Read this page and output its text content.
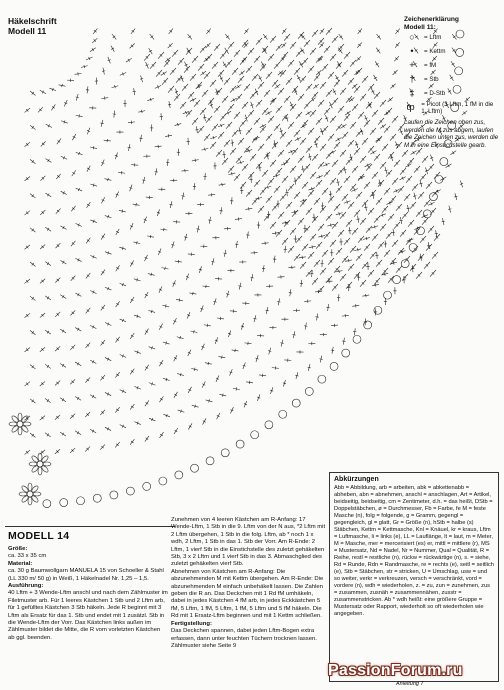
Häkelschrift
Modell 11
Zeichenerklärung
Modell 11:
○	= Lftm
•	= Kettm
+	= fM
†	= Stb
‡	= D-Stb
ȹ	= Picot (3 Lftm, 1 fM in die 1. Lftm)
Laufen die Zeichen oben zus, werden die M zus abgem, laufen die Zeichen unten zus, werden die M in eine Einstichstelle gearb.
MODELL 14
Größe:
ca. 33 x 35 cm
Material:
ca. 30 g Baumwollgarn MANUELA 15 von Schoeller & Stahl (LL 330 m/ 50 g) in Weiß, 1 Häkelnadel Nr. 1,25 – 1,5.
Ausführung:
40 Lftm + 3 Wende-Lftm anschl und nach dem Zählmuster im Filetmuster arb. Für 1 leeres Kästchen 1 Stb und 2 Lftm arb, für 1 gefülltes Kästchen 3 Stb häkeln. Jede R beginnt mit 3 Lftm als Ersatz für das 1. Stb und endet mit 1 zusätzl. Stb in die Wende-Lftm der Vorr. Das Kästchen links außen im Zählmuster bildet die Mitte, die R vom vorletzten Kästchen ab ggl. beenden.
Zunehmen von 4 leeren Kästchen am R-Anfang: 17 Wende-Lftm, 1 Stb in die 9. Lftm von der N aus, *2 Lftm mit 2 Lftm übergehen, 1 Stb in die folg. Lftm, ab * noch 1 x wdh, 2 Lftm, 1 Stb in das 1. Stb der Vorr. Am R-Ende: 2 Lftm, 1 vierf Stb in die Einstichstelle des zuletzt gehäkelten Stb, 3 x 2 Lftm und 1 vierf Stb in das 3. Abmaschglied des zuletzt gehäkelten vierf Stb.
Abnehmen von Kästchen am R-Anfang: Die abzunehmenden M mit Kettm übergehen. Am R-Ende: Die abzunehmenden M einfach unbehäkelt lassen. Die Zahlen geben die R an. Das Deckchen mit 1 Rd fM umhäkeln, dabei in jedes Kästchen 4 fM arb, in jedes Eckkästchen 5 fM, 5 Lftm, 1 fM, 5 Lftm, 1 fM, 5 Lftm und 5 fM häkeln. Die Rd mit 1 Ersatz-Lftm beginnen und mit 1 Kettm schließen.
Fertigstellung:
Das Deckchen spannen, dabei jeden Lftm-Bogen extra erfassen, dann unter feuchten Tüchern trocknen lassen.
Zählmuster siehe Seite 9
Abkürzungen
Abb = Abbildung, arb = arbeiten, abk = abkettenabb = abheben, abn = abnehmen, anschl = anschlagen, Art = Artikel, beidseitig, beidseitig, cm = Zentimeter, d.h. = das heißt, DStb = Doppelstäbchen, ø = Durchmesser, Fb = Farbe, fe M = feste Masche (n), folg = folgende, g = Gramm, gegengl = gegengleich, gl = glatt, Gr = Größe (n), hStb = halbe (s) Stäbchen, Kettm = Kettmasche, Knl = Knäuel, kr = kraus, Lftm = Luftmasche, li = links (e), LL = Lauflänge, lt = laut, m = Meter, M = Masche, mer = mercerisiert (es) er, mittl = mittlere (r), MS = Mustersatz, Nd = Nadel, Nr = Nummer, Qual = Qualität, R = Reihe, restl = restliche (n), rückw = rückwärtige (n), s. = siehe, Rd = Runde, Rdn = Randmasche, re = rechts (e), seitl = seitlich (e), Stb = Stäbchen, str = stricken, U = Umschlag, usw = und so weiter, verkr = verkreuzen, versch = verschränkt, vord = vordere (n), wdh = wiederholen, z. = zu, zun = zunehmen, zus = zusammen, zusnäh = zusammennähen, zusstr = zusammenstricken. Ab * wdh heißt: eine größere Gruppe = Mustersatz oder Rapport, wiederholt so oft wiederholen wie angegeben.
PassionForum.ru
Anleitung 7
